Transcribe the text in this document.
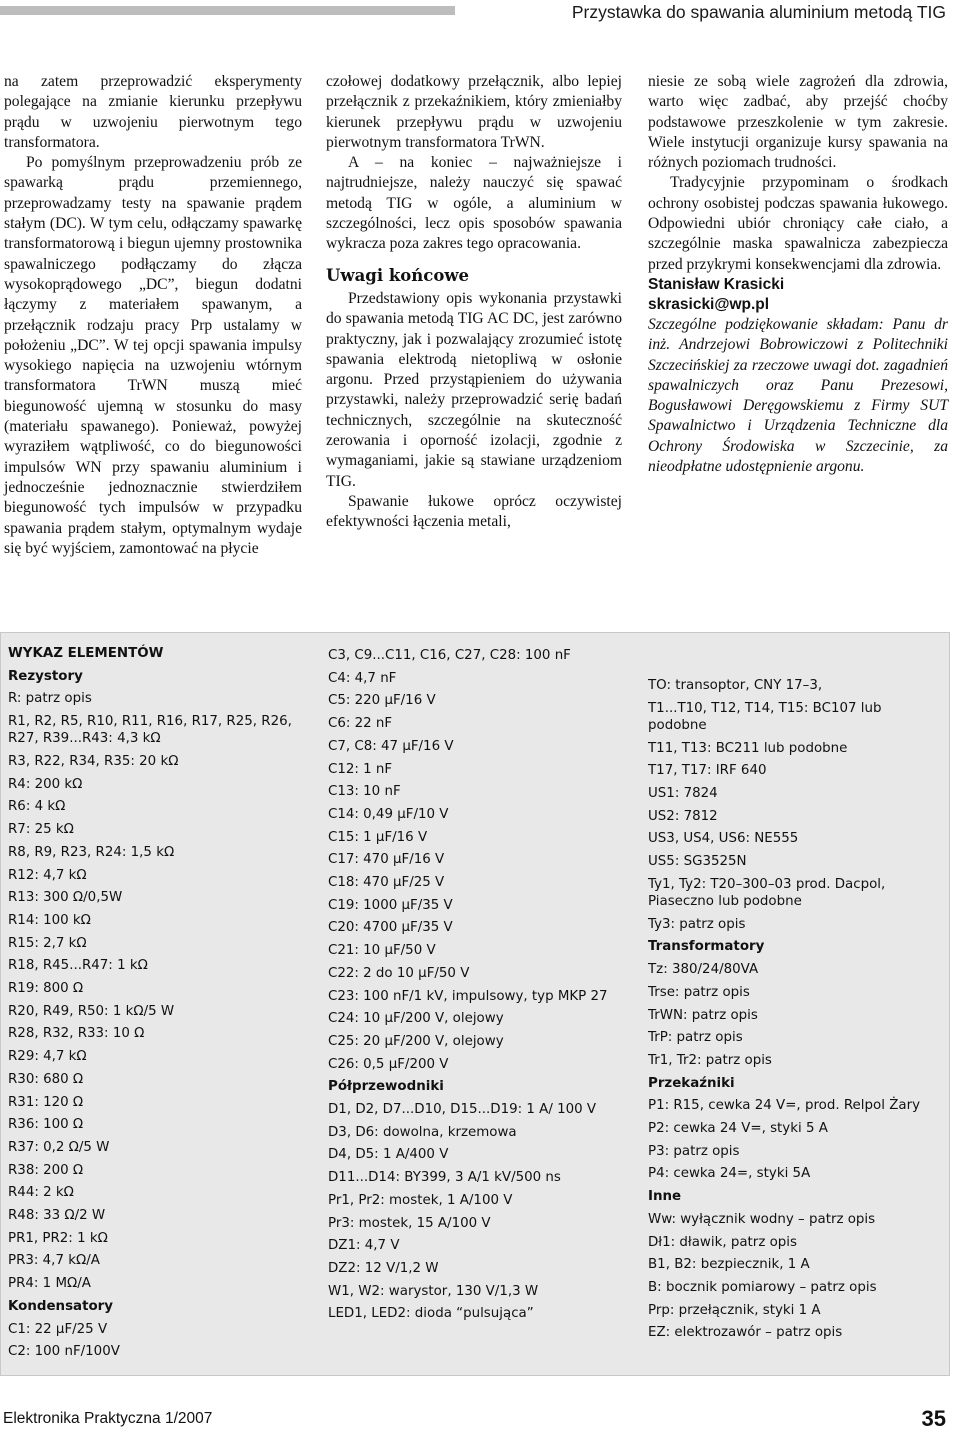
Przystawka do spawania aluminium metodą TIG

na zatem przeprowadzić eksperymenty polegające na zmianie kierunku przepływu prądu w uzwojeniu pierwotnym tego transformatora.

Po pomyślnym przeprowadzeniu prób ze spawarką prądu przemiennego, przeprowadzamy testy na spawanie prądem stałym (DC). W tym celu, odłączamy spawarkę transformatorową i biegun ujemny prostownika spawalniczego podłączamy do złącza wysokoprądowego „DC”, biegun dodatni łączymy z materiałem spawanym, a przełącznik rodzaju pracy Prp ustalamy w położeniu „DC”. W tej opcji spawania impulsy wysokiego napięcia na uzwojeniu wtórnym transformatora TrWN muszą mieć biegunowość ujemną w stosunku do masy (materiału spawanego). Ponieważ, powyżej wyraziłem wątpliwość, co do biegunowości impulsów WN przy spawaniu aluminium i jednocześnie jednoznacznie stwierdziłem biegunowość tych impulsów w przypadku spawania prądem stałym, optymalnym wydaje się być wyjściem, zamontować na płycie

czołowej dodatkowy przełącznik, albo lepiej przełącznik z przekaźnikiem, który zmieniałby kierunek przepływu prądu w uzwojeniu pierwotnym transformatora TrWN.

A – na koniec – najważniejsze i najtrudniejsze, należy nauczyć się spawać metodą TIG w ogóle, a aluminium w szczególności, lecz opis sposobów spawania wykracza poza zakres tego opracowania.

Uwagi końcowe

Przedstawiony opis wykonania przystawki do spawania metodą TIG AC DC, jest zarówno praktyczny, jak i pozwalający zrozumieć istotę spawania elektrodą nietopliwą w osłonie argonu. Przed przystąpieniem do używania przystawki, należy przeprowadzić serię badań technicznych, szczególnie na skuteczność zerowania i oporność izolacji, zgodnie z wymaganiami, jakie są stawiane urządzeniom TIG.

Spawanie łukowe oprócz oczywistej efektywności łączenia metali,

niesie ze sobą wiele zagrożeń dla zdrowia, warto więc zadbać, aby przejść choćby podstawowe przeszkolenie w tym zakresie. Wiele instytucji organizuje kursy spawania na różnych poziomach trudności.

Tradycyjnie przypominam o środkach ochrony osobistej podczas spawania łukowego. Odpowiedni ubiór chroniący całe ciało, a szczególnie maska spawalnicza zabezpiecza przed przykrymi konsekwencjami dla zdrowia.

Stanisław Krasicki
skrasicki@wp.pl

Szczególne podziękowanie składam: Panu dr inż. Andrzejowi Bobrowiczowi z Politechniki Szczecińskiej za rzeczowe uwagi dot. zagadnień spawalniczych oraz Panu Prezesowi, Bogusławowi Deręgowskiemu z Firmy SUT Spawalnictwo i Urządzenia Techniczne dla Ochrony Środowiska w Szczecinie, za nieodpłatne udostępnienie argonu.

WYKAZ ELEMENTÓW
Rezystory
R: patrz opis
R1, R2, R5, R10, R11, R16, R17, R25, R26, R27, R39...R43: 4,3 kΩ
R3, R22, R34, R35: 20 kΩ
R4: 200 kΩ
R6: 4 kΩ
R7: 25 kΩ
R8, R9, R23, R24: 1,5 kΩ
R12: 4,7 kΩ
R13: 300 Ω/0,5W
R14: 100 kΩ
R15: 2,7 kΩ
R18, R45...R47: 1 kΩ
R19: 800 Ω
R20, R49, R50: 1 kΩ/5 W
R28, R32, R33: 10 Ω
R29: 4,7 kΩ
R30: 680 Ω
R31: 120 Ω
R36: 100 Ω
R37: 0,2 Ω/5 W
R38: 200 Ω
R44: 2 kΩ
R48: 33 Ω/2 W
PR1, PR2: 1 kΩ
PR3: 4,7 kΩ/A
PR4: 1 MΩ/A
Kondensatory
C1: 22 μF/25 V
C2: 100 nF/100V
C3, C9...C11, C16, C27, C28: 100 nF
C4: 4,7 nF
C5: 220 μF/16 V
C6: 22 nF
C7, C8: 47 μF/16 V
C12: 1 nF
C13: 10 nF
C14: 0,49 μF/10 V
C15: 1 μF/16 V
C17: 470 μF/16 V
C18: 470 μF/25 V
C19: 1000 μF/35 V
C20: 4700 μF/35 V
C21: 10 μF/50 V
C22: 2 do 10 μF/50 V
C23: 100 nF/1 kV, impulsowy, typ MKP 27
C24: 10 μF/200 V, olejowy
C25: 20 μF/200 V, olejowy
C26: 0,5 μF/200 V
Półprzewodniki
D1, D2, D7...D10, D15...D19: 1 A/ 100 V
D3, D6: dowolna, krzemowa
D4, D5: 1 A/400 V
D11...D14: BY399, 3 A/1 kV/500 ns
Pr1, Pr2: mostek, 1 A/100 V
Pr3: mostek, 15 A/100 V
DZ1: 4,7 V
DZ2: 12 V/1,2 W
W1, W2: warystor, 130 V/1,3 W
LED1, LED2: dioda “pulsująca”
TO: transoptor, CNY 17–3,
T1...T10, T12, T14, T15: BC107 lub podobne
T11, T13: BC211 lub podobne
T17, T17: IRF 640
US1: 7824
US2: 7812
US3, US4, US6: NE555
US5: SG3525N
Ty1, Ty2: T20–300–03 prod. Dacpol, Piaseczno lub podobne
Ty3: patrz opis
Transformatory
Tz: 380/24/80VA
Trse: patrz opis
TrWN: patrz opis
TrP: patrz opis
Tr1, Tr2: patrz opis
Przekaźniki
P1: R15, cewka 24 V=, prod. Relpol Żary
P2: cewka 24 V=, styki 5 A
P3: patrz opis
P4: cewka 24=, styki 5A
Inne
Ww: wyłącznik wodny – patrz opis
Dł1: dławik, patrz opis
B1, B2: bezpiecznik, 1 A
B: bocznik pomiarowy – patrz opis
Prp: przełącznik, styki 1 A
EZ: elektrozawór – patrz opis
Elektronika Praktyczna 1/2007	35
